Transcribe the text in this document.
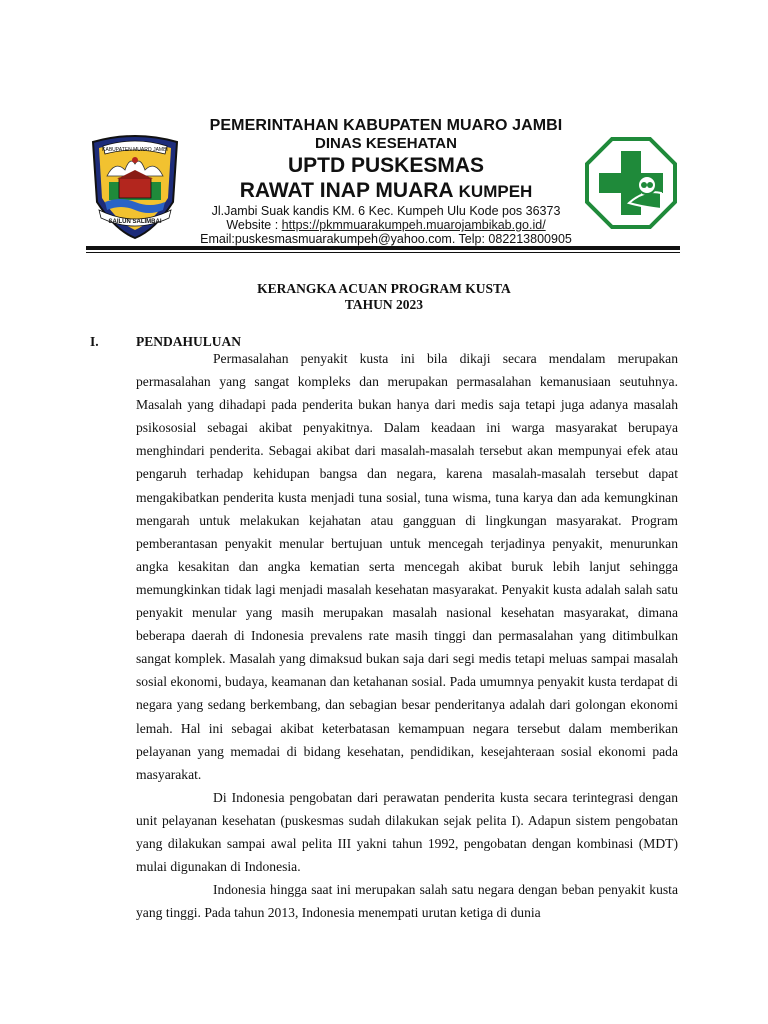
KABUPATEN MUARO JAMBI
SAILUN SALIMBAI
PEMERINTAHAN KABUPATEN MUARO JAMBI
DINAS KESEHATAN
UPTD PUSKESMAS
RAWAT INAP MUARA KUMPEH
Jl.Jambi Suak kandis KM. 6 Kec. Kumpeh Ulu Kode pos 36373
Website : https://pkmmuarakumpeh.muarojambikab.go.id/
Email:puskesmasmuarakumpeh@yahoo.com. Telp: 082213800905
KERANGKA ACUAN PROGRAM KUSTA
TAHUN 2023
I.	PENDAHULUAN

Permasalahan penyakit kusta ini bila dikaji secara mendalam merupakan permasalahan yang sangat kompleks dan merupakan permasalahan kemanusiaan seutuhnya. Masalah yang dihadapi pada penderita bukan hanya dari medis saja tetapi juga adanya masalah psikososial sebagai akibat penyakitnya. Dalam keadaan ini warga masyarakat berupaya menghindari penderita. Sebagai akibat dari masalah-masalah tersebut akan mempunyai efek atau pengaruh terhadap kehidupan bangsa dan negara, karena masalah-masalah tersebut dapat mengakibatkan penderita kusta menjadi tuna sosial, tuna wisma, tuna karya dan ada kemungkinan mengarah untuk melakukan kejahatan atau gangguan di lingkungan masyarakat. Program pemberantasan penyakit menular bertujuan untuk mencegah terjadinya penyakit, menurunkan angka kesakitan dan angka kematian serta mencegah akibat buruk lebih lanjut sehingga memungkinkan tidak lagi menjadi masalah kesehatan masyarakat. Penyakit kusta adalah salah satu penyakit menular yang masih merupakan masalah nasional kesehatan masyarakat, dimana beberapa daerah di Indonesia prevalens rate masih tinggi dan permasalahan yang ditimbulkan sangat komplek. Masalah yang dimaksud bukan saja dari segi medis tetapi meluas sampai masalah sosial ekonomi, budaya, keamanan dan ketahanan sosial. Pada umumnya penyakit kusta terdapat di negara yang sedang berkembang, dan sebagian besar penderitanya adalah dari golongan ekonomi lemah. Hal ini sebagai akibat keterbatasan kemampuan negara tersebut dalam memberikan pelayanan yang memadai di bidang kesehatan, pendidikan, kesejahteraan sosial ekonomi pada masyarakat.

Di Indonesia pengobatan dari perawatan penderita kusta secara terintegrasi dengan unit pelayanan kesehatan (puskesmas sudah dilakukan sejak pelita I). Adapun sistem pengobatan yang dilakukan sampai awal pelita III yakni tahun 1992, pengobatan dengan kombinasi (MDT) mulai digunakan di Indonesia.

Indonesia hingga saat ini merupakan salah satu negara dengan beban penyakit kusta yang tinggi. Pada tahun 2013, Indonesia menempati urutan ketiga di dunia
